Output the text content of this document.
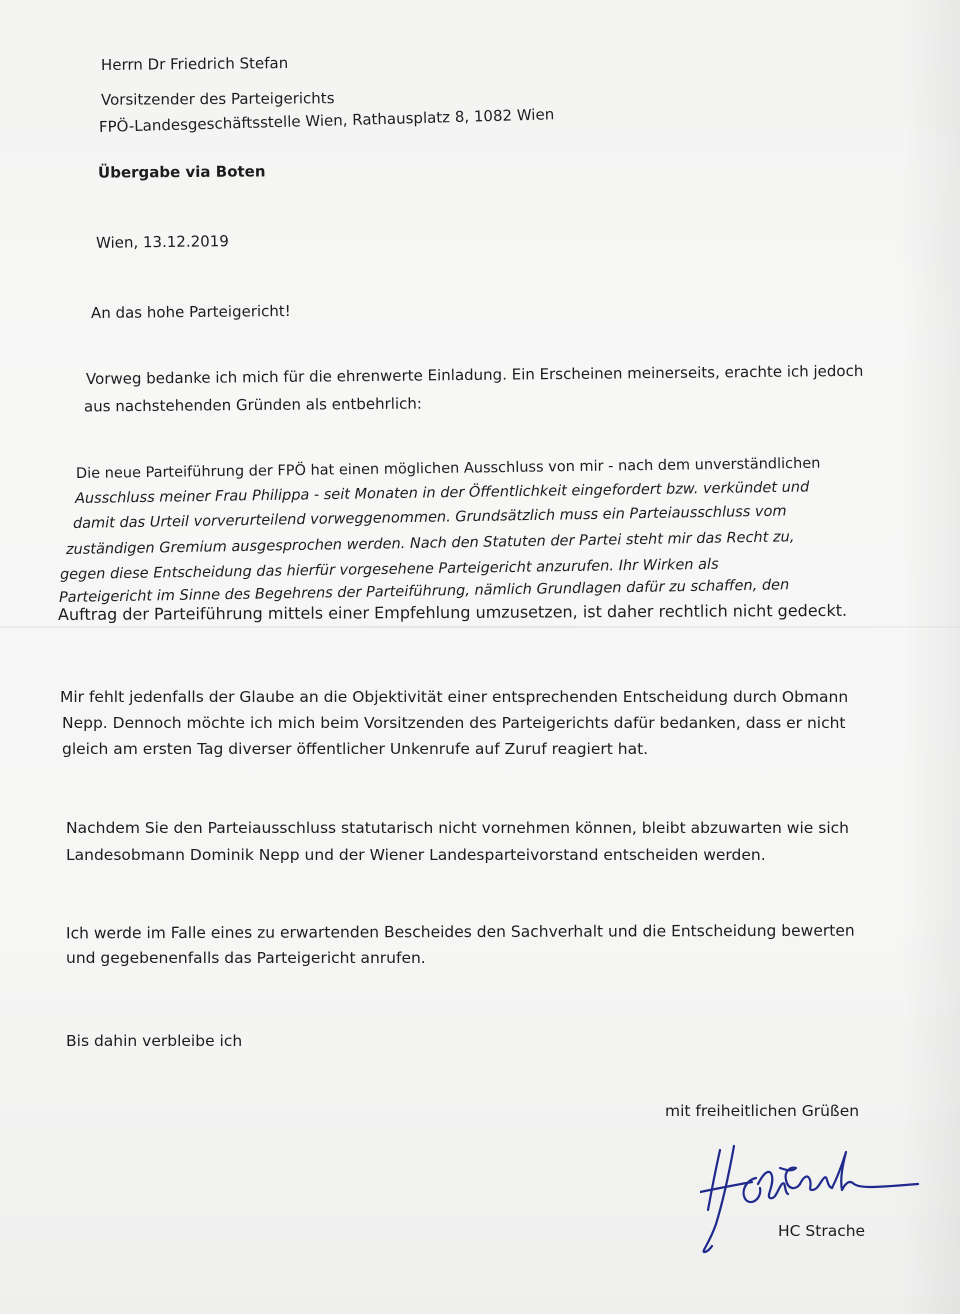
Herrn Dr Friedrich Stefan
Vorsitzender des Parteigerichts
FPÖ-Landesgeschäftsstelle Wien, Rathausplatz 8, 1082 Wien
Übergabe via Boten
Wien, 13.12.2019
An das hohe Parteigericht!
Vorweg bedanke ich mich für die ehrenwerte Einladung. Ein Erscheinen meinerseits, erachte ich jedoch
aus nachstehenden Gründen als entbehrlich:
Die neue Parteiführung der FPÖ hat einen möglichen Ausschluss von mir - nach dem unverständlichen
Ausschluss meiner Frau Philippa - seit Monaten in der Öffentlichkeit eingefordert bzw. verkündet und
damit das Urteil vorverurteilend vorweggenommen. Grundsätzlich muss ein Parteiausschluss vom
zuständigen Gremium ausgesprochen werden. Nach den Statuten der Partei steht mir das Recht zu,
gegen diese Entscheidung das hierfür vorgesehene Parteigericht anzurufen. Ihr Wirken als
Parteigericht im Sinne des Begehrens der Parteiführung, nämlich Grundlagen dafür zu schaffen, den
Auftrag der Parteiführung mittels einer Empfehlung umzusetzen, ist daher rechtlich nicht gedeckt.
Mir fehlt jedenfalls der Glaube an die Objektivität einer entsprechenden Entscheidung durch Obmann
Nepp. Dennoch möchte ich mich beim Vorsitzenden des Parteigerichts dafür bedanken, dass er nicht
gleich am ersten Tag diverser öffentlicher Unkenrufe auf Zuruf reagiert hat.
Nachdem Sie den Parteiausschluss statutarisch nicht vornehmen können, bleibt abzuwarten wie sich
Landesobmann Dominik Nepp und der Wiener Landesparteivorstand entscheiden werden.
Ich werde im Falle eines zu erwartenden Bescheides den Sachverhalt und die Entscheidung bewerten
und gegebenenfalls das Parteigericht anrufen.
Bis dahin verbleibe ich
mit freiheitlichen Grüßen
HC Strache
